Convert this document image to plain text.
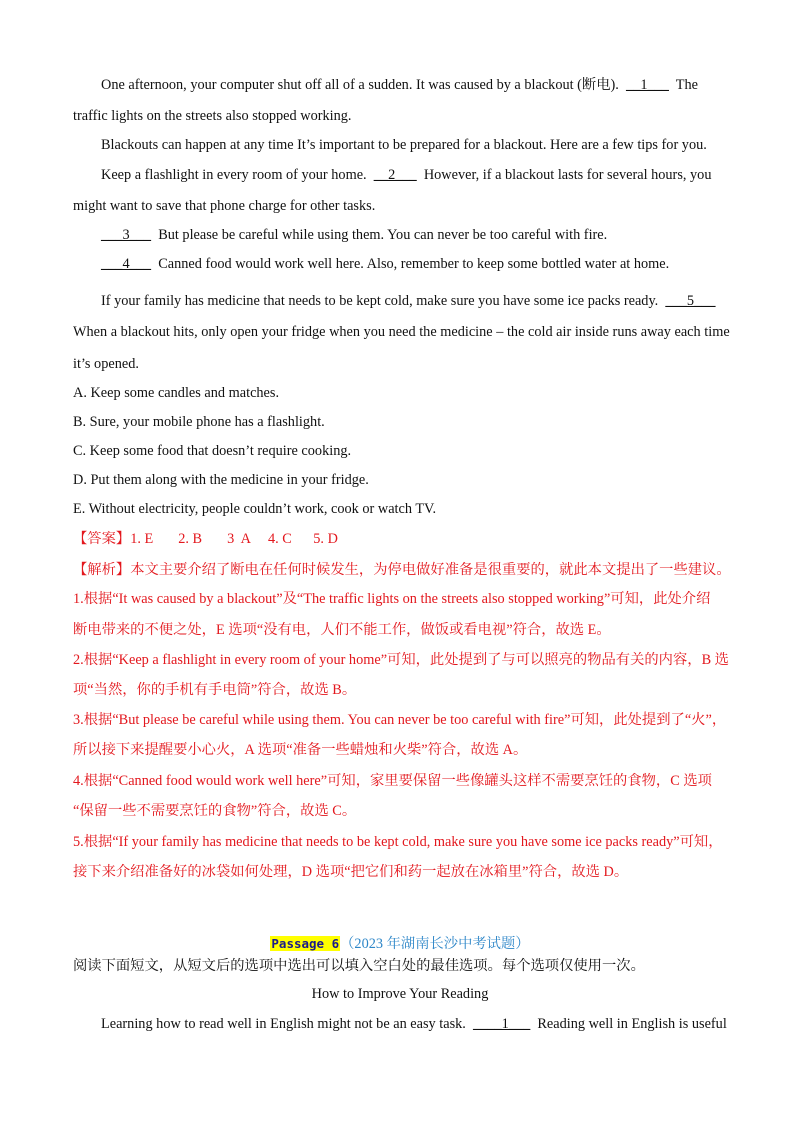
One afternoon, your computer shut off all of a sudden. It was caused by a blackout (断电). __1___ The
traffic lights on the streets also stopped working.
Blackouts can happen at any time It’s important to be prepared for a blackout. Here are a few tips for you.
Keep a flashlight in every room of your home. __2___ However, if a blackout lasts for several hours, you
might want to save that phone charge for other tasks.
___3___ But please be careful while using them. You can never be too careful with fire.
___4___ Canned food would work well here. Also, remember to keep some bottled water at home.
If your family has medicine that needs to be kept cold, make sure you have some ice packs ready. ___5___
When a blackout hits, only open your fridge when you need the medicine – the cold air inside runs away each time
it’s opened.
A. Keep some candles and matches.
B. Sure, your mobile phone has a flashlight.
C. Keep some food that doesn’t require cooking.
D. Put them along with the medicine in your fridge.
E. Without electricity, people couldn’t work, cook or watch TV.
【答案】1. E       2. B       3  A     4. C      5. D
【解析】本文主要介绍了断电在任何时候发生，为停电做好准备是很重要的，就此本文提出了一些建议。
1.根据“It was caused by a blackout”及“The traffic lights on the streets also stopped working”可知，此处介绍
断电带来的不便之处，E 选项“没有电，人们不能工作，做饭或看电视”符合，故选 E。
2.根据“Keep a flashlight in every room of your home”可知，此处提到了与可以照亮的物品有关的内容，B 选
项“当然，你的手机有手电筒”符合，故选 B。
3.根据“But please be careful while using them. You can never be too careful with fire”可知，此处提到了“火”，
所以接下来提醒要小心火，A 选项“准备一些蜡烛和火柴”符合，故选 A。
4.根据“Canned food would work well here”可知，家里要保留一些像罐头这样不需要烹饪的食物，C 选项
“保留一些不需要烹饪的食物”符合，故选 C。
5.根据“If your family has medicine that needs to be kept cold, make sure you have some ice packs ready”可知，
接下来介绍准备好的冰袋如何处理，D 选项“把它们和药一起放在冰箱里”符合，故选 D。
Passage 6（2023 年湖南长沙中考试题）
阅读下面短文，从短文后的选项中选出可以填入空白处的最佳选项。每个选项仅使用一次。
How to Improve Your Reading
Learning how to read well in English might not be an easy task. ____1___ Reading well in English is useful
